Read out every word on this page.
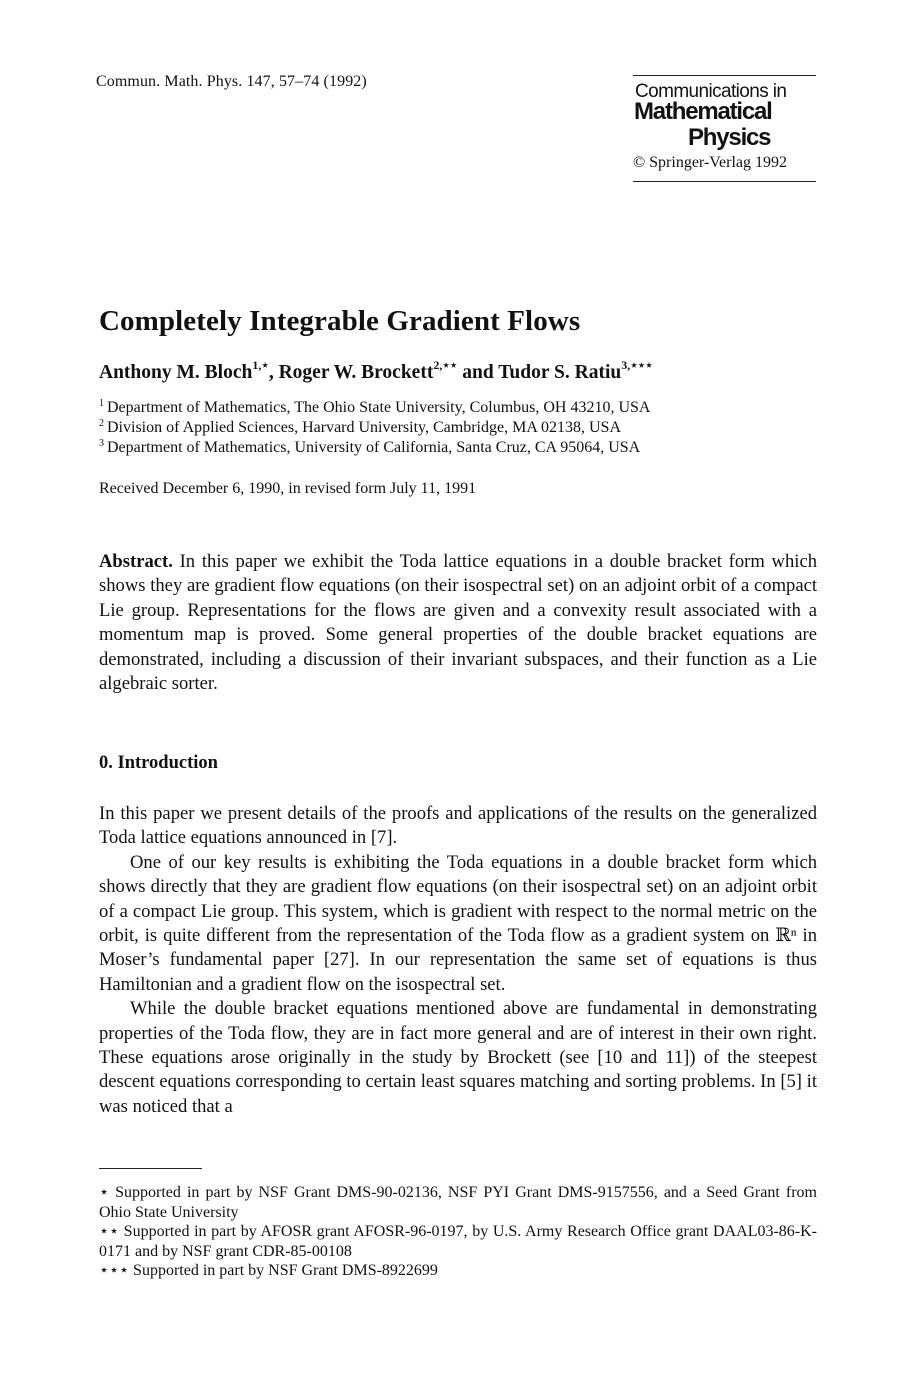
Commun. Math. Phys. 147, 57–74 (1992)	Communications in
Mathematical
Physics
© Springer-Verlag 1992
Completely Integrable Gradient Flows
Anthony M. Bloch$^{1,⋆}$, Roger W. Brockett$^{2,⋆⋆}$ and Tudor S. Ratiu$^{3,⋆⋆⋆}$
$^1$ Department of Mathematics, The Ohio State University, Columbus, OH 43210, USA
$^2$ Division of Applied Sciences, Harvard University, Cambridge, MA 02138, USA
$^3$ Department of Mathematics, University of California, Santa Cruz, CA 95064, USA
Received December 6, 1990, in revised form July 11, 1991
Abstract. In this paper we exhibit the Toda lattice equations in a double bracket form which shows they are gradient flow equations (on their isospectral set) on an adjoint orbit of a compact Lie group. Representations for the flows are given and a convexity result associated with a momentum map is proved. Some general properties of the double bracket equations are demonstrated, including a discussion of their invariant subspaces, and their function as a Lie algebraic sorter.
0. Introduction

In this paper we present details of the proofs and applications of the results on the generalized Toda lattice equations announced in [7].

One of our key results is exhibiting the Toda equations in a double bracket form which shows directly that they are gradient flow equations (on their isospectral set) on an adjoint orbit of a compact Lie group. This system, which is gradient with respect to the normal metric on the orbit, is quite different from the representation of the Toda flow as a gradient system on ℝⁿ in Moser’s fundamental paper [27]. In our representation the same set of equations is thus Hamiltonian and a gradient flow on the isospectral set.

While the double bracket equations mentioned above are fundamental in demonstrating properties of the Toda flow, they are in fact more general and are of interest in their own right. These equations arose originally in the study by Brockett (see [10 and 11]) of the steepest descent equations corresponding to certain least squares matching and sorting problems. In [5] it was noticed that a

⋆ Supported in part by NSF Grant DMS-90-02136, NSF PYI Grant DMS-9157556, and a Seed Grant from Ohio State University

⋆⋆ Supported in part by AFOSR grant AFOSR-96-0197, by U.S. Army Research Office grant DAAL03-86-K-0171 and by NSF grant CDR-85-00108

⋆⋆⋆ Supported in part by NSF Grant DMS-8922699
